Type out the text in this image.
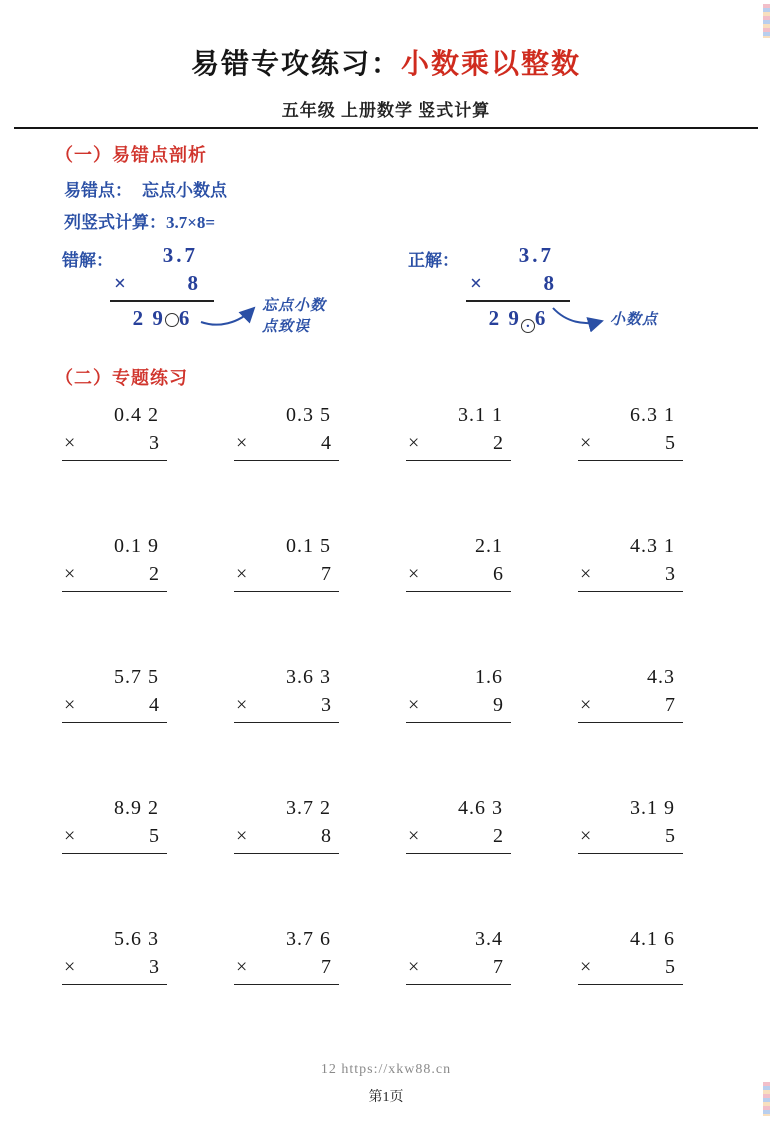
易错专攻练习：小数乘以整数
五年级 上册数学 竖式计算
（一）易错点剖析
易错点： 忘点小数点
列竖式计算：3.7×8=
错解：	3.7
×	8
2 9 6	忘点小数
点致误
正解：	3.7
×	8
2 9 . 6	小数点
（二）专题练习
0.4 2
×	3
0.3 5
×	4
3.1 1
×	2
6.3 1
×	5
0.1 9
×	2
0.1 5
×	7
2.1
×	6
4.3 1
×	3
5.7 5
×	4
3.6 3
×	3
1.6
×	9
4.3
×	7
8.9 2
×	5
3.7 2
×	8
4.6 3
×	2
3.1 9
×	5
5.6 3
×	3
3.7 6
×	7
3.4
×	7
4.1 6
×	5
12 https://xkw88.cn
第1页
